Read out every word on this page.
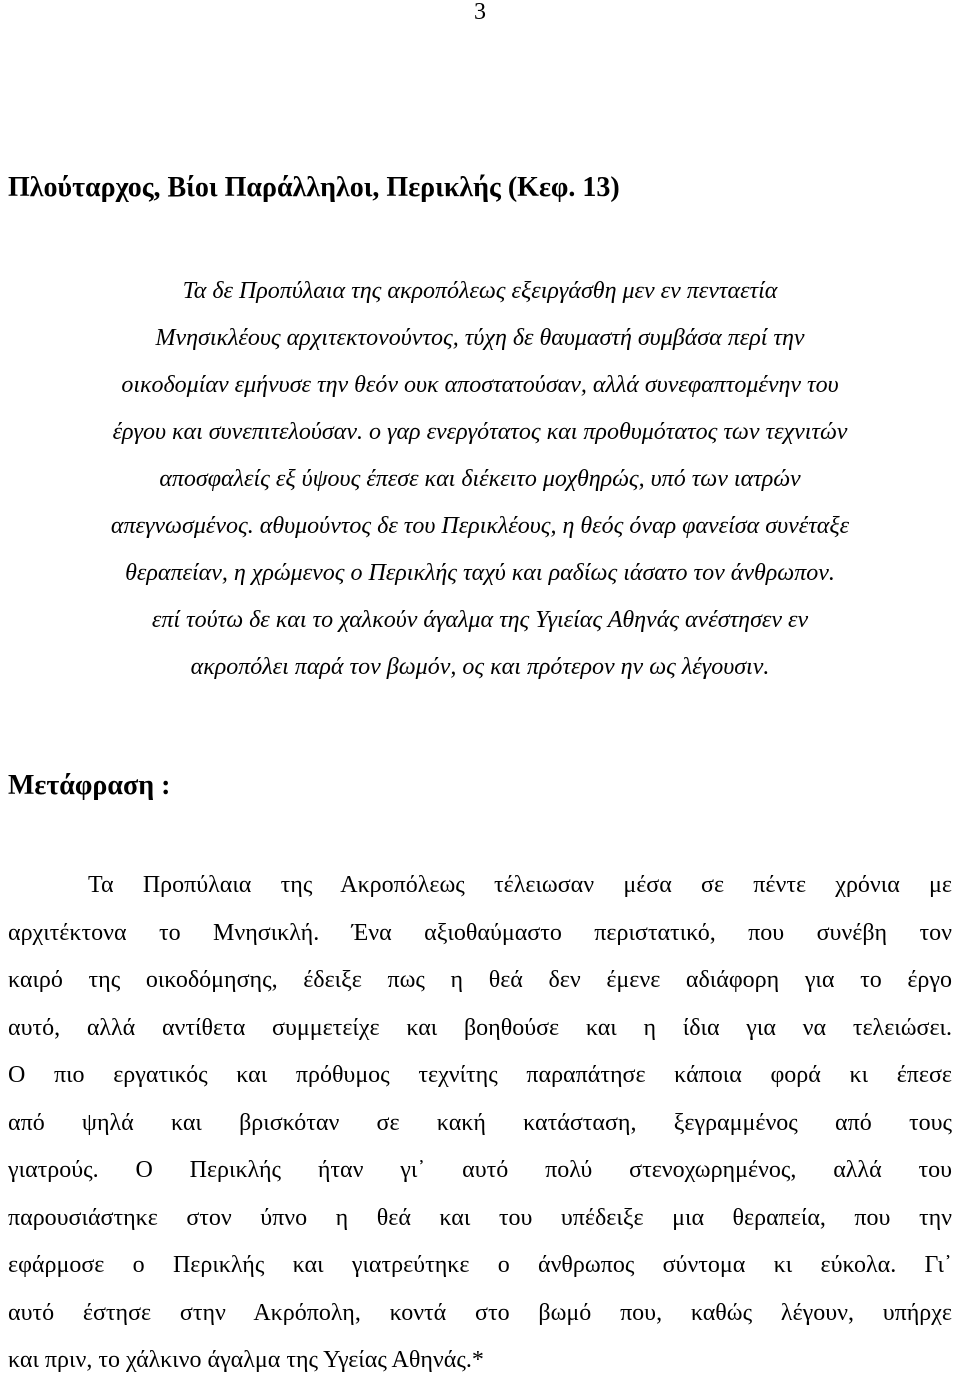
3
Πλούταρχος, Βίοι Παράλληλοι, Περικλής (Κεφ. 13)

Τα δε Προπύλαια της ακροπόλεως εξειργάσθη μεν εν πενταετία
Μνησικλέους αρχιτεκτονούντος, τύχη δε θαυμαστή συμβάσα περί την
οικοδομίαν εμήνυσε την θεόν ουκ αποστατούσαν, αλλά συνεφαπτομένην του
έργου και συνεπιτελούσαν. ο γαρ ενεργότατος και προθυμότατος των τεχνιτών
αποσφαλείς εξ ύψους έπεσε και διέκειτο μοχθηρώς, υπό των ιατρών
απεγνωσμένος. αθυμούντος δε του Περικλέους, η θεός όναρ φανείσα συνέταξε
θεραπείαν, η χρώμενος ο Περικλής ταχύ και ραδίως ιάσατο τον άνθρωπον.
επί τούτω δε και το χαλκούν άγαλμα της Υγιείας Αθηνάς ανέστησεν εν
ακροπόλει παρά τον βωμόν, ος και πρότερον ην ως λέγουσιν.

Μετάφραση :

Τα Προπύλαια της Ακροπόλεως τέλειωσαν μέσα σε πέντε χρόνια με
αρχιτέκτονα το Μνησικλή. Ένα αξιοθαύμαστο περιστατικό, που συνέβη τον
καιρό της οικοδόμησης, έδειξε πως η θεά δεν έμενε αδιάφορη για το έργο
αυτό, αλλά αντίθετα συμμετείχε και βοηθούσε και η ίδια για να τελειώσει.
Ο πιο εργατικός και πρόθυμος τεχνίτης παραπάτησε κάποια φορά κι έπεσε
από ψηλά και βρισκόταν σε κακή κατάσταση, ξεγραμμένος από τους
γιατρούς. Ο Περικλής ήταν γι᾽ αυτό πολύ στενοχωρημένος, αλλά του
παρουσιάστηκε στον ύπνο η θεά και του υπέδειξε μια θεραπεία, που την
εφάρμοσε ο Περικλής και γιατρεύτηκε ο άνθρωπος σύντομα κι εύκολα. Γι᾽
αυτό έστησε στην Ακρόπολη, κοντά στο βωμό που, καθώς λέγουν, υπήρχε
και πριν, το χάλκινο άγαλμα της Υγείας Αθηνάς.*
